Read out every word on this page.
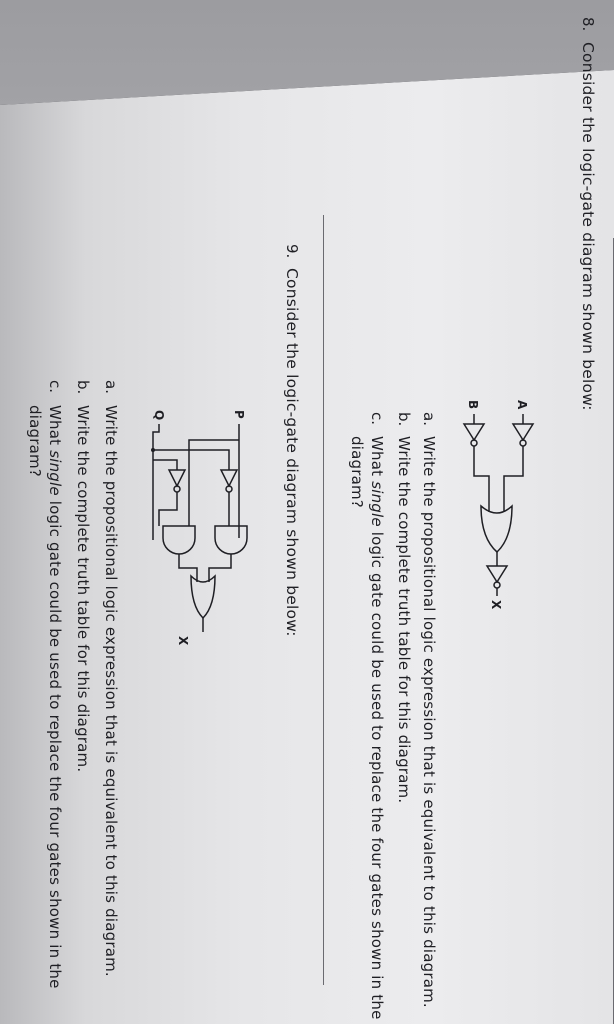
8.
Consider the logic-gate diagram shown below:
A
B
X
a.
Write the propositional logic expression that is equivalent to this diagram.
b.
Write the complete truth table for this diagram.
c.
What single logic gate could be used to replace the four gates shown in the
diagram?
9.
Consider the logic-gate diagram shown below:
P
Q
X
a.
Write the propositional logic expression that is equivalent to this diagram.
b.
Write the complete truth table for this diagram.
c.
What single logic gate could be used to replace the four gates shown in the
diagram?
